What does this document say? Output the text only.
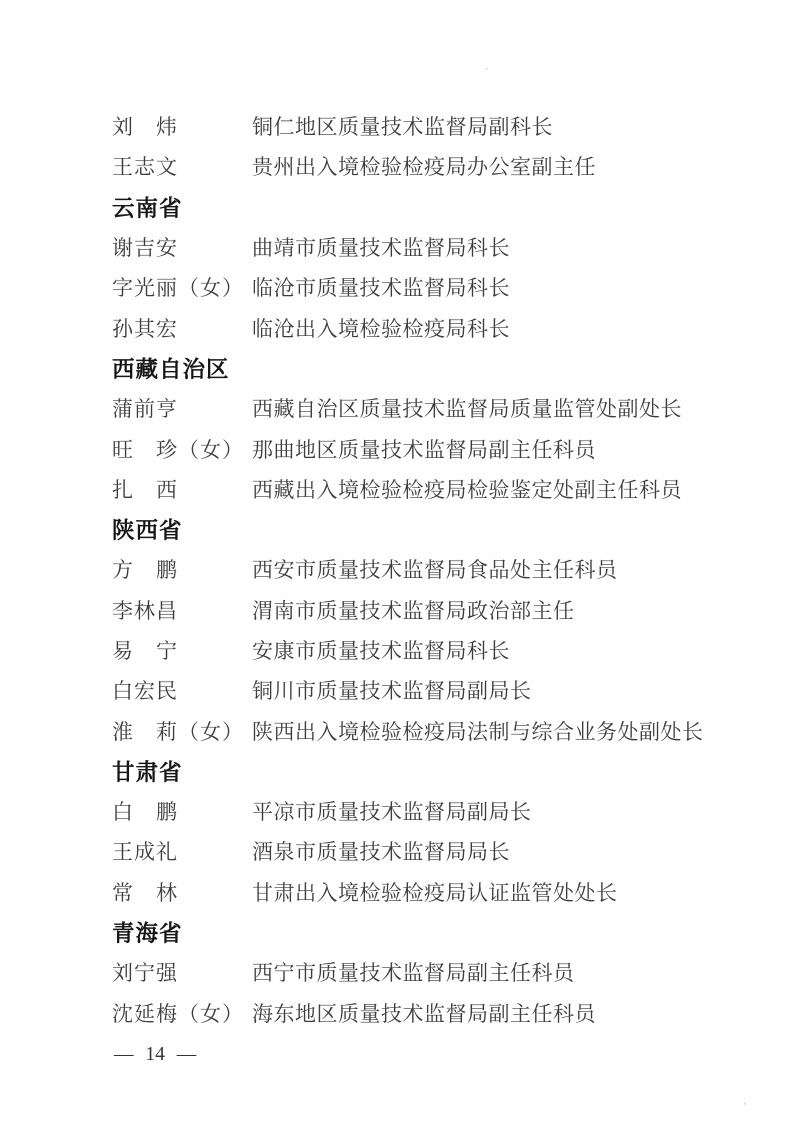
刘　炜	铜仁地区质量技术监督局副科长
王志文	贵州出入境检验检疫局办公室副主任
云南省
谢吉安	曲靖市质量技术监督局科长
字光丽（女） 临沧市质量技术监督局科长
孙其宏	临沧出入境检验检疫局科长
西藏自治区
蒲前亨	西藏自治区质量技术监督局质量监管处副处长
旺　珍（女） 那曲地区质量技术监督局副主任科员
扎　西	西藏出入境检验检疫局检验鉴定处副主任科员
陕西省
方　鹏	西安市质量技术监督局食品处主任科员
李林昌	渭南市质量技术监督局政治部主任
易　宁	安康市质量技术监督局科长
白宏民	铜川市质量技术监督局副局长
淮　莉（女） 陕西出入境检验检疫局法制与综合业务处副处长
甘肃省
白　鹏	平凉市质量技术监督局副局长
王成礼	酒泉市质量技术监督局局长
常　林	甘肃出入境检验检疫局认证监管处处长
青海省
刘宁强	西宁市质量技术监督局副主任科员
沈延梅（女） 海东地区质量技术监督局副主任科员
— 14 —
